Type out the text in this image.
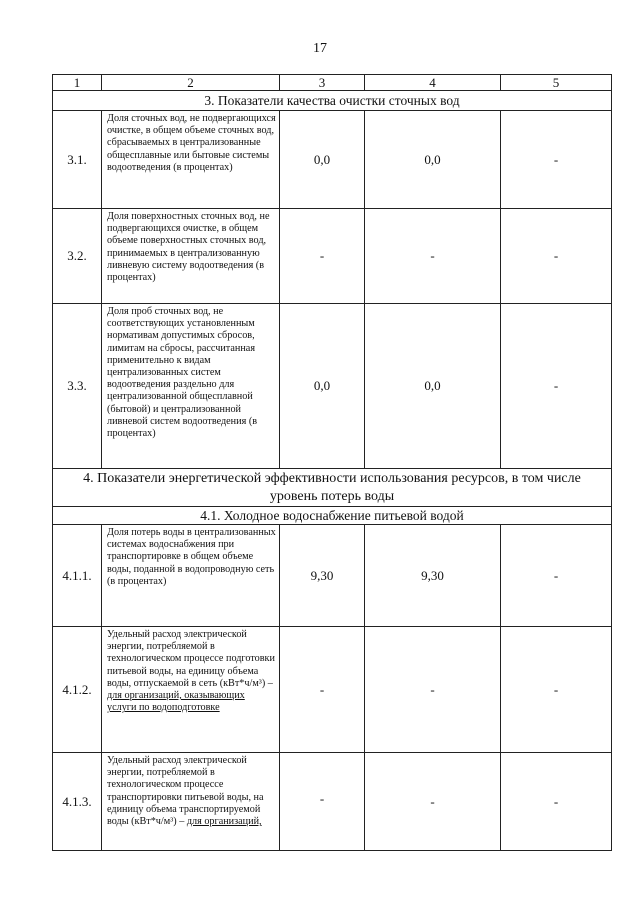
17
1	2	3	4	5
3. Показатели качества очистки сточных вод				
3.1.	Доля сточных вод, не подвергающихся очистке, в общем объеме сточных вод, сбрасываемых в централизованные общесплавные или бытовые системы водоотведения (в процентах)	0,0	0,0	-
3.2.	Доля поверхностных сточных вод, не подвергающихся очистке, в общем объеме поверхностных сточных вод, принимаемых в централизованную ливневую систему водоотведения (в процентах)	-	-	-
3.3.	Доля проб сточных вод, не соответствующих установленным нормативам допустимых сбросов, лимитам на сбросы, рассчитанная применительно к видам централизованных систем водоотведения раздельно для централизованной общесплавной (бытовой) и централизованной ливневой систем водоотведения (в процентах)	0,0	0,0	-
4. Показатели энергетической эффективности использования ресурсов, в том числе уровень потерь воды				
4.1. Холодное водоснабжение питьевой водой				
4.1.1.	Доля потерь воды в централизованных системах водоснабжения при транспортировке в общем объеме воды, поданной в водопроводную сеть (в процентах)	9,30	9,30	-
4.1.2.	Удельный расход электрической энергии, потребляемой в технологическом процессе подготовки питьевой воды, на единицу объема воды, отпускаемой в сеть (кВт*ч/м³) – для организаций, оказывающих услуги по водоподготовке	-	-	-
4.1.3.	Удельный расход электрической энергии, потребляемой в технологическом процессе транспортировки питьевой воды, на единицу объема транспортируемой воды (кВт*ч/м³) – для организаций,	-	-	-
